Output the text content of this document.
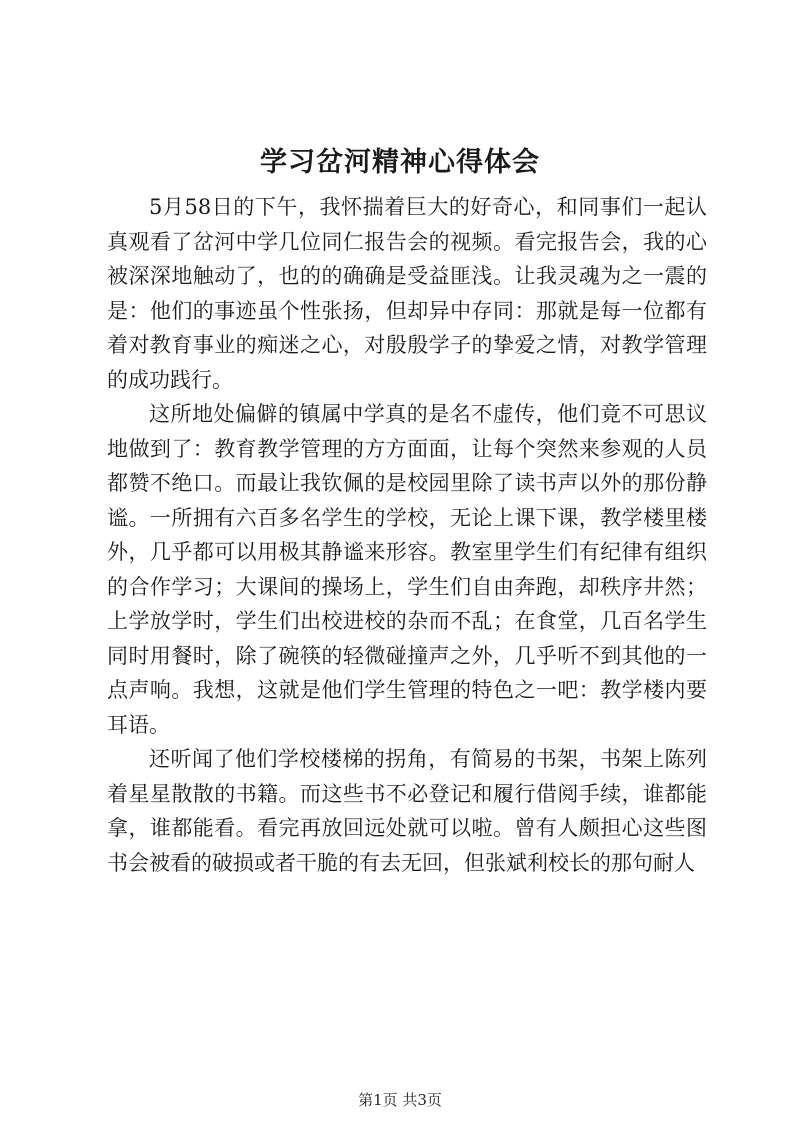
学习岔河精神心得体会

5月58日的下午，我怀揣着巨大的好奇心，和同事们一起认真观看了岔河中学几位同仁报告会的视频。看完报告会，我的心被深深地触动了，也的的确确是受益匪浅。让我灵魂为之一震的是：他们的事迹虽个性张扬，但却异中存同：那就是每一位都有着对教育事业的痴迷之心，对殷殷学子的挚爱之情，对教学管理的成功践行。

这所地处偏僻的镇属中学真的是名不虚传，他们竟不可思议地做到了：教育教学管理的方方面面，让每个突然来参观的人员都赞不绝口。而最让我钦佩的是校园里除了读书声以外的那份静谧。一所拥有六百多名学生的学校，无论上课下课，教学楼里楼外，几乎都可以用极其静谧来形容。教室里学生们有纪律有组织的合作学习；大课间的操场上，学生们自由奔跑，却秩序井然；上学放学时，学生们出校进校的杂而不乱；在食堂，几百名学生同时用餐时，除了碗筷的轻微碰撞声之外，几乎听不到其他的一点声响。我想，这就是他们学生管理的特色之一吧：教学楼内要耳语。

还听闻了他们学校楼梯的拐角，有简易的书架，书架上陈列着星星散散的书籍。而这些书不必登记和履行借阅手续，谁都能拿，谁都能看。看完再放回远处就可以啦。曾有人颇担心这些图书会被看的破损或者干脆的有去无回，但张斌利校长的那句耐人

第1页 共3页
